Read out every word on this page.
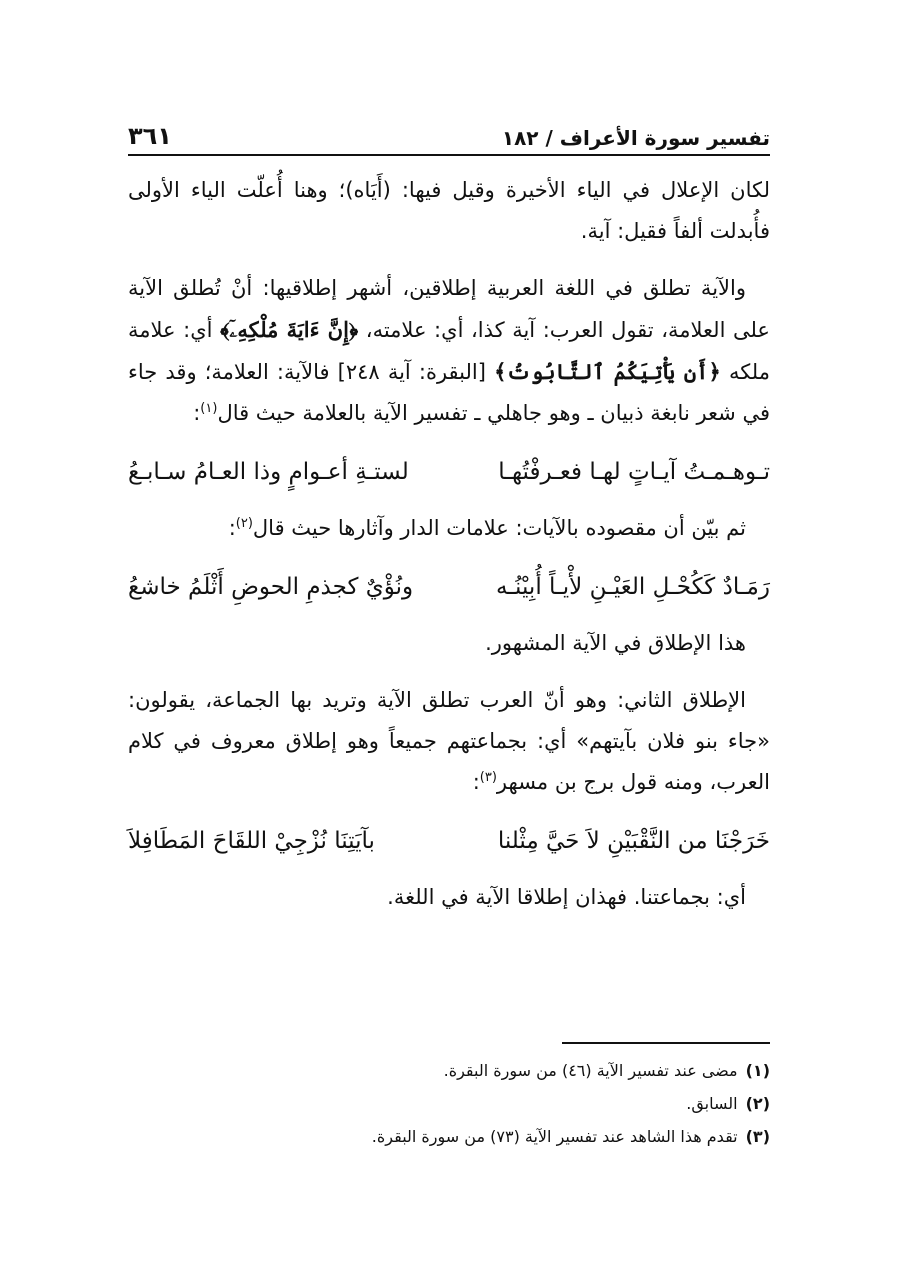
تفسير سورة الأعراف / ١٨٢
٣٦١

لكان الإعلال في الياء الأخيرة وقيل فيها: (أَيَاه)؛ وهنا أُعلّت الياء الأولى فأُبدلت ألفاً فقيل: آية.

والآية تطلق في اللغة العربية إطلاقين، أشهر إطلاقيها: أنْ تُطلق الآية على العلامة، تقول العرب: آية كذا، أي: علامته، ﴿إِنَّ ءَايَةَ مُلْكِهِۦٓ﴾ أي: علامة ملكه ﴿أَن يَأْتِيَكُمُ ٱلتَّابُوتُ﴾ [البقرة: آية ٢٤٨] فالآية: العلامة؛ وقد جاء في شعر نابغة ذبيان ـ وهو جاهلي ـ تفسير الآية بالعلامة حيث قال$^{(١)}$:

تـوهـمـتُ آيـاتٍ لهـا فعـرفْتُهـا
لستـةِ أعـوامٍ وذا العـامُ سـابـعُ

ثم بيّن أن مقصوده بالآيات: علامات الدار وآثارها حيث قال$^{(٢)}$:

رَمَـادٌ كَكُحْـلِ العَيْـنِ لأْيـاً أُبِيْنُـه
ونُؤْيٌ كجذمِ الحوضِ أَثْلَمُ خاشعُ

هذا الإطلاق في الآية المشهور.

الإطلاق الثاني: وهو أنّ العرب تطلق الآية وتريد بها الجماعة، يقولون: «جاء بنو فلان بآيتهم» أي: بجماعتهم جميعاً وهو إطلاق معروف في كلام العرب، ومنه قول برج بن مسهر$^{(٣)}$:

خَرَجْنَا من النَّقْبَيْنِ لاَ حَيَّ مِثْلنا
بآيَتِنَا نُزْجِيْ اللقَاحَ المَطَافِلاَ

أي: بجماعتنا. فهذان إطلاقا الآية في اللغة.

(١)مضى عند تفسير الآية (٤٦) من سورة البقرة.

(٢)السابق.

(٣)تقدم هذا الشاهد عند تفسير الآية (٧٣) من سورة البقرة.
